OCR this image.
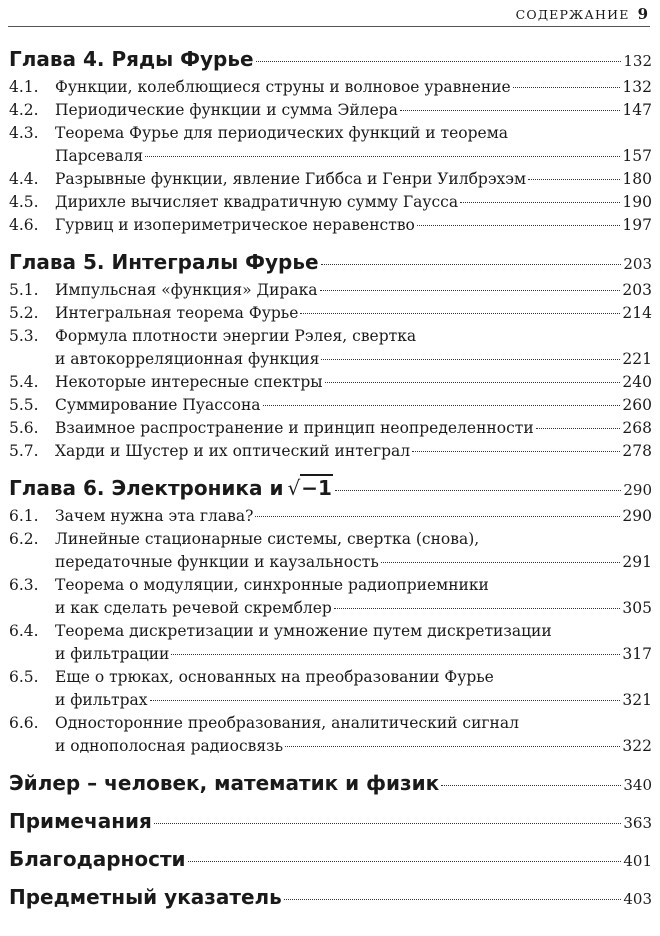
СОДЕРЖАНИЕ 9
Глава 4. Ряды Фурье	132
4.1.	Функции, колеблющиеся струны и волновое уравнение	132
4.2.	Периодические функции и сумма Эйлера	147
4.3.	Теорема Фурье для периодических функций и теорема
Парсеваля	157
4.4.	Разрывные функции, явление Гиббса и Генри Уилбрэхэм	180
4.5.	Дирихле вычисляет квадратичную сумму Гаусса	190
4.6.	Гурвиц и изопериметрическое неравенство	197
Глава 5. Интегралы Фурье	203
5.1.	Импульсная «функция» Дирака	203
5.2.	Интегральная теорема Фурье	214
5.3.	Формула плотности энергии Рэлея, свертка
и автокорреляционная функция	221
5.4.	Некоторые интересные спектры	240
5.5.	Суммирование Пуассона	260
5.6.	Взаимное распространение и принцип неопределенности	268
5.7.	Харди и Шустер и их оптический интеграл	278
Глава 6. Электроника и √−1	290
6.1.	Зачем нужна эта глава?	290
6.2.	Линейные стационарные системы, свертка (снова),
передаточные функции и каузальность	291
6.3.	Теорема о модуляции, синхронные радиоприемники
и как сделать речевой скремблер	305
6.4.	Теорема дискретизации и умножение путем дискретизации
и фильтрации	317
6.5.	Еще о трюках, основанных на преобразовании Фурье
и фильтрах	321
6.6.	Односторонние преобразования, аналитический сигнал
и однополосная радиосвязь	322
Эйлер – человек, математик и физик	340
Примечания	363
Благодарности	401
Предметный указатель	403
